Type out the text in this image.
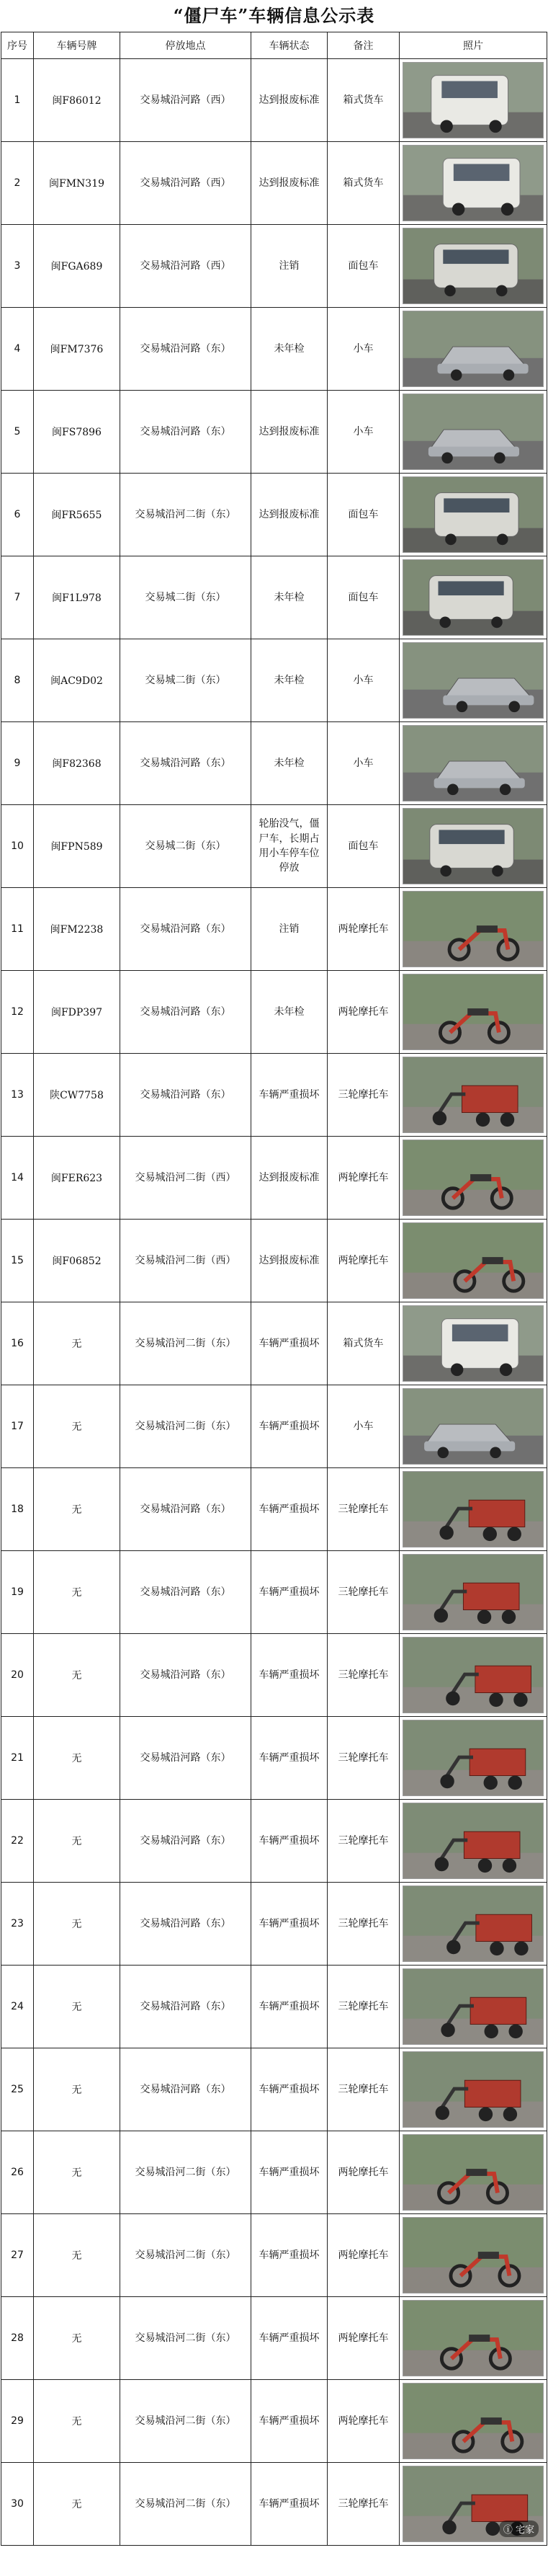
“僵尸车”车辆信息公示表
序号	车辆号牌	停放地点	车辆状态	备注	照片
1	闽F86012	交易城沿河路（西）	达到报废标准	箱式货车	

2	闽FMN319	交易城沿河路（西）	达到报废标准	箱式货车	

3	闽FGA689	交易城沿河路（西）	注销	面包车	

4	闽FM7376	交易城沿河路（东）	未年检	小车	

5	闽FS7896	交易城沿河路（东）	达到报废标准	小车	

6	闽FR5655	交易城沿河二街（东）	达到报废标准	面包车	

7	闽F1L978	交易城二街（东）	未年检	面包车	

8	闽AC9D02	交易城二街（东）	未年检	小车	

9	闽F82368	交易城沿河路（东）	未年检	小车	

10	闽FPN589	交易城二街（东）	轮胎没气，僵尸车，长期占用小车停车位停放	面包车	

11	闽FM2238	交易城沿河路（东）	注销	两轮摩托车	

12	闽FDP397	交易城沿河路（东）	未年检	两轮摩托车	

13	陕CW7758	交易城沿河路（东）	车辆严重损坏	三轮摩托车	

14	闽FER623	交易城沿河二街（西）	达到报废标准	两轮摩托车	

15	闽F06852	交易城沿河二街（西）	达到报废标准	两轮摩托车	

16	无	交易城沿河二街（东）	车辆严重损坏	箱式货车	

17	无	交易城沿河二街（东）	车辆严重损坏	小车	

18	无	交易城沿河路（东）	车辆严重损坏	三轮摩托车	

19	无	交易城沿河路（东）	车辆严重损坏	三轮摩托车	

20	无	交易城沿河路（东）	车辆严重损坏	三轮摩托车	

21	无	交易城沿河路（东）	车辆严重损坏	三轮摩托车	

22	无	交易城沿河路（东）	车辆严重损坏	三轮摩托车	

23	无	交易城沿河路（东）	车辆严重损坏	三轮摩托车	

24	无	交易城沿河路（东）	车辆严重损坏	三轮摩托车	

25	无	交易城沿河路（东）	车辆严重损坏	三轮摩托车	

26	无	交易城沿河二街（东）	车辆严重损坏	两轮摩托车	

27	无	交易城沿河二街（东）	车辆严重损坏	两轮摩托车	

28	无	交易城沿河二街（东）	车辆严重损坏	两轮摩托车	

29	无	交易城沿河二街（东）	车辆严重损坏	两轮摩托车	

30	无	交易城沿河二街（东）	车辆严重损坏	三轮摩托车	ⓘ 宅家
